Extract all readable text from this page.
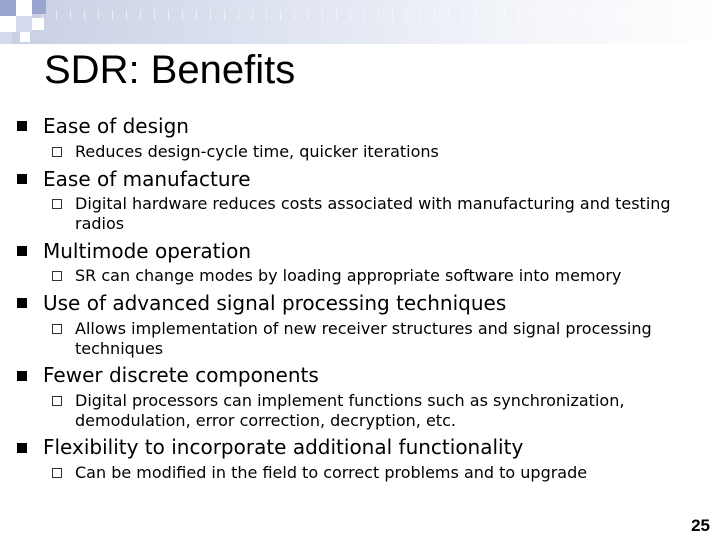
SDR: Benefits
Ease of design
Reduces design-cycle time, quicker iterations
Ease of manufacture
Digital hardware reduces costs associated with manufacturing and testing radios
Multimode operation
SR can change modes by loading appropriate software into memory
Use of advanced signal processing techniques
Allows implementation of new receiver structures and signal processing techniques
Fewer discrete components
Digital processors can implement functions such as synchronization, demodulation, error correction, decryption, etc.
Flexibility to incorporate additional functionality
Can be modified in the field to correct problems and to upgrade
25
